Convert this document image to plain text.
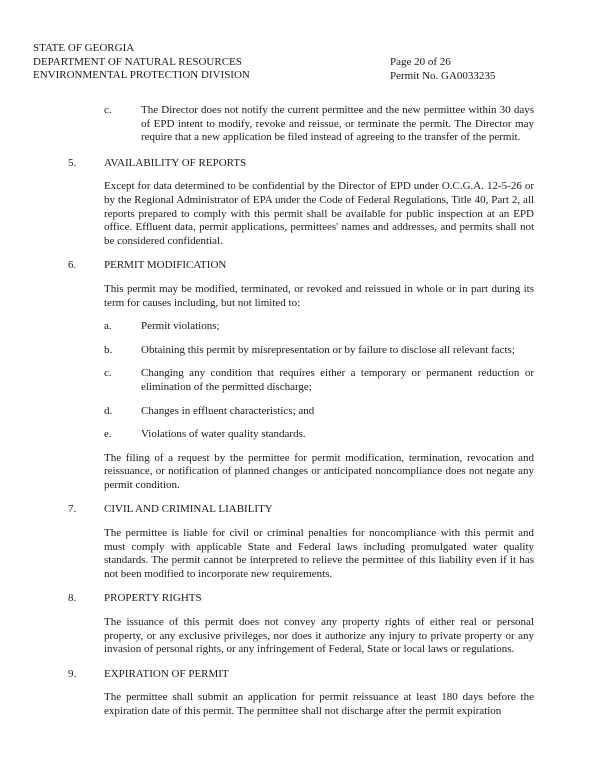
STATE OF GEORGIA
DEPARTMENT OF NATURAL RESOURCES
ENVIRONMENTAL PROTECTION DIVISION
Page 20 of 26
Permit No. GA0033235
c.	The Director does not notify the current permittee and the new permittee within 30 days of EPD intent to modify, revoke and reissue, or terminate the permit. The Director may require that a new application be filed instead of agreeing to the transfer of the permit.
5.	AVAILABILITY OF REPORTS
Except for data determined to be confidential by the Director of EPD under O.C.G.A. 12-5-26 or by the Regional Administrator of EPA under the Code of Federal Regulations, Title 40, Part 2, all reports prepared to comply with this permit shall be available for public inspection at an EPD office. Effluent data, permit applications, permittees' names and addresses, and permits shall not be considered confidential.
6.	PERMIT MODIFICATION
This permit may be modified, terminated, or revoked and reissued in whole or in part during its term for causes including, but not limited to:
a.	Permit violations;
b.	Obtaining this permit by misrepresentation or by failure to disclose all relevant facts;
c.	Changing any condition that requires either a temporary or permanent reduction or elimination of the permitted discharge;
d.	Changes in effluent characteristics; and
e.	Violations of water quality standards.
The filing of a request by the permittee for permit modification, termination, revocation and reissuance, or notification of planned changes or anticipated noncompliance does not negate any permit condition.
7.	CIVIL AND CRIMINAL LIABILITY
The permittee is liable for civil or criminal penalties for noncompliance with this permit and must comply with applicable State and Federal laws including promulgated water quality standards. The permit cannot be interpreted to relieve the permittee of this liability even if it has not been modified to incorporate new requirements.
8.	PROPERTY RIGHTS
The issuance of this permit does not convey any property rights of either real or personal property, or any exclusive privileges, nor does it authorize any injury to private property or any invasion of personal rights, or any infringement of Federal, State or local laws or regulations.
9.	EXPIRATION OF PERMIT
The permittee shall submit an application for permit reissuance at least 180 days before the expiration date of this permit. The permittee shall not discharge after the permit expiration
